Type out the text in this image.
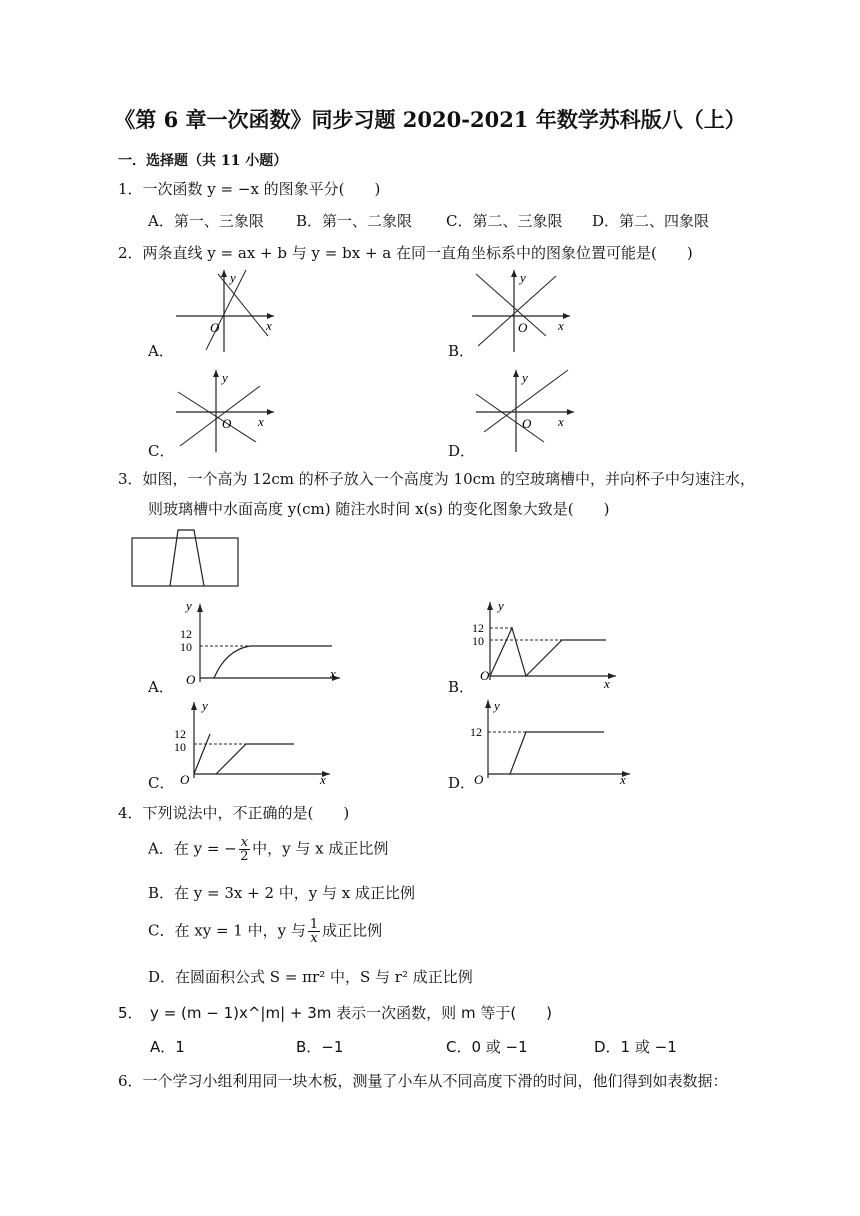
《第 6 章一次函数》同步习题 2020-2021 年数学苏科版八（上）
一．选择题（共 11 小题）
1．一次函数 y = −x 的图象平分(　　)
A．第一、三象限 B．第一、二象限 C．第二、三象限 D．第二、四象限
2．两条直线 y = ax + b 与 y = bx + a 在同一直角坐标系中的图象位置可能是(　　)
A．
y
x
O
B．
y
x
O
C．
y
x
O
D．
y
x
O
3．如图，一个高为 12cm 的杯子放入一个高度为 10cm 的空玻璃槽中，并向杯子中匀速注水，
则玻璃槽中水面高度 y(cm) 随注水时间 x(s) 的变化图象大致是(　　)
A．
y
x
O
12
10
B．
y
x
O
12
10
C．
y
x
O
12
10
D．
y
x
O
12
4．下列说法中，不正确的是(　　)
A．在 y = − $\frac{x}{2}$ 中，y 与 x 成正比例
B．在 y = 3x + 2 中，y 与 x 成正比例
C．在 xy = 1 中，y 与 $\frac{1}{x}$ 成正比例
D．在圆面积公式 S = πr² 中，S 与 r² 成正比例
5．　y = (m − 1)x^|m| + 3m 表示一次函数，则 m 等于(　　)
A．1	B．−1	C．0 或 −1	D．1 或 −1
6．一个学习小组利用同一块木板，测量了小车从不同高度下滑的时间，他们得到如表数据：
